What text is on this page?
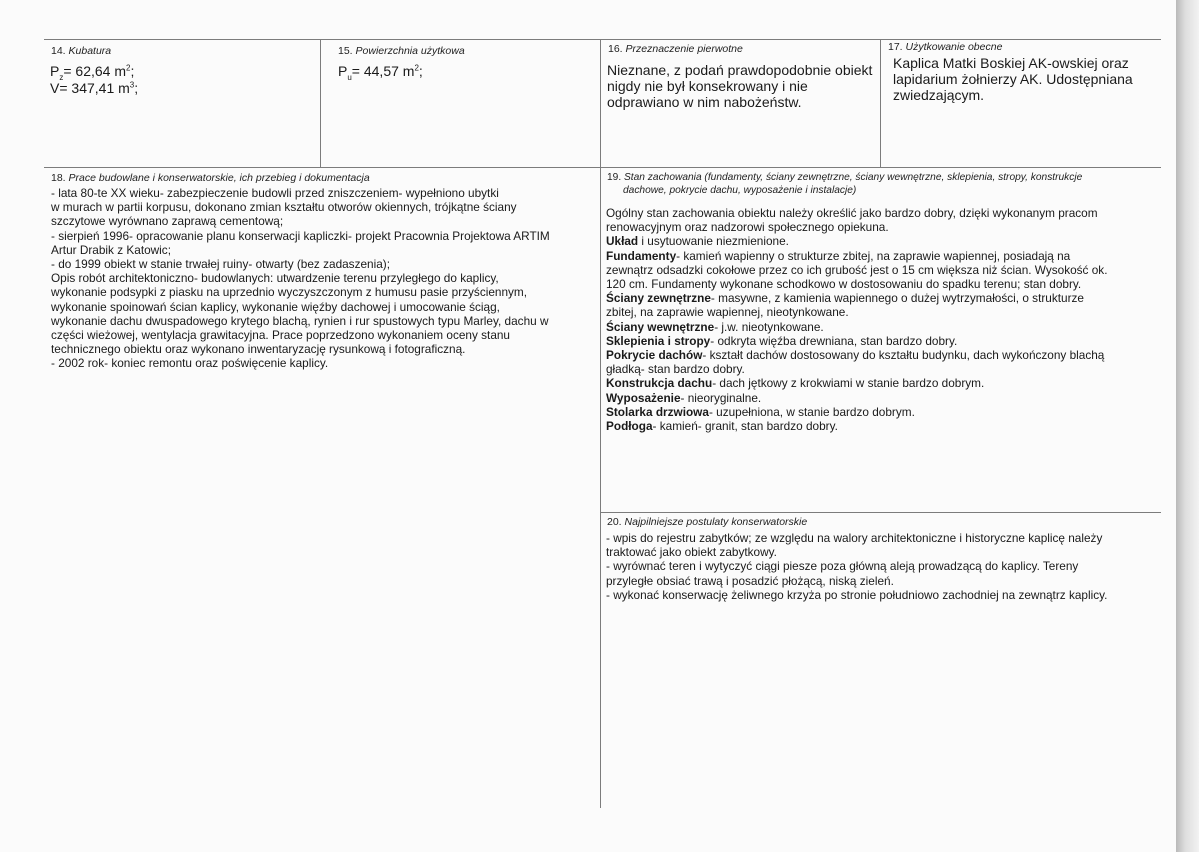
14. Kubatura
$P_z= 62,64$ $m^2$;
V= 347,41 $m^3$;
15. Powierzchnia użytkowa
$P_u= 44,57$ $m^2$;
16. Przeznaczenie pierwotne
Nieznane, z podań prawdopodobnie obiekt nigdy nie był konsekrowany i nie odprawiano w nim nabożeństw.
17. Użytkowanie obecne
Kaplica Matki Boskiej AK-owskiej oraz lapidarium żołnierzy AK. Udostępniana zwiedzającym.
18. Prace budowlane i konserwatorskie, ich przebieg i dokumentacja

- lata 80-te XX wieku- zabezpieczenie budowli przed zniszczeniem- wypełniono ubytki

w murach w partii korpusu, dokonano zmian kształtu otworów okiennych, trójkątne ściany

szczytowe wyrównano zaprawą cementową;

- sierpień 1996- opracowanie planu konserwacji kapliczki- projekt Pracownia Projektowa ARTIM

Artur Drabik z Katowic;

- do 1999 obiekt w stanie trwałej ruiny- otwarty (bez zadaszenia);

Opis robót architektoniczno- budowlanych: utwardzenie terenu przyległego do kaplicy,

wykonanie podsypki z piasku na uprzednio wyczyszczonym z humusu pasie przyściennym,

wykonanie spoinowań ścian kaplicy, wykonanie więźby dachowej i umocowanie ściąg,

wykonanie dachu dwuspadowego krytego blachą, rynien i rur spustowych typu Marley, dachu w

części wieżowej, wentylacja grawitacyjna. Prace poprzedzono wykonaniem oceny stanu

technicznego obiektu oraz wykonano inwentaryzację rysunkową i fotograficzną.

- 2002 rok- koniec remontu oraz poświęcenie kaplicy.

19. Stan zachowania (fundamenty, ściany zewnętrzne, ściany wewnętrzne, sklepienia, stropy, konstrukcje
dachowe, pokrycie dachu, wyposażenie i instalacje)

Ogólny stan zachowania obiektu należy określić jako bardzo dobry, dzięki wykonanym pracom

renowacyjnym oraz nadzorowi społecznego opiekuna.

Układ i usytuowanie niezmienione.

Fundamenty- kamień wapienny o strukturze zbitej, na zaprawie wapiennej, posiadają na

zewnątrz odsadzki cokołowe przez co ich grubość jest o 15 cm większa niż ścian. Wysokość ok.

120 cm. Fundamenty wykonane schodkowo w dostosowaniu do spadku terenu; stan dobry.

Ściany zewnętrzne- masywne, z kamienia wapiennego o dużej wytrzymałości, o strukturze

zbitej, na zaprawie wapiennej, nieotynkowane.

Ściany wewnętrzne- j.w. nieotynkowane.

Sklepienia i stropy- odkryta więźba drewniana, stan bardzo dobry.

Pokrycie dachów- kształt dachów dostosowany do kształtu budynku, dach wykończony blachą

gładką- stan bardzo dobry.

Konstrukcja dachu- dach jętkowy z krokwiami w stanie bardzo dobrym.

Wyposażenie- nieoryginalne.

Stolarka drzwiowa- uzupełniona, w stanie bardzo dobrym.

Podłoga- kamień- granit, stan bardzo dobry.

20. Najpilniejsze postulaty konserwatorskie

- wpis do rejestru zabytków; ze względu na walory architektoniczne i historyczne kaplicę należy

traktować jako obiekt zabytkowy.

- wyrównać teren i wytyczyć ciągi piesze poza główną aleją prowadzącą do kaplicy. Tereny

przyległe obsiać trawą i posadzić płożącą, niską zieleń.

- wykonać konserwację żeliwnego krzyża po stronie południowo zachodniej na zewnątrz kaplicy.
